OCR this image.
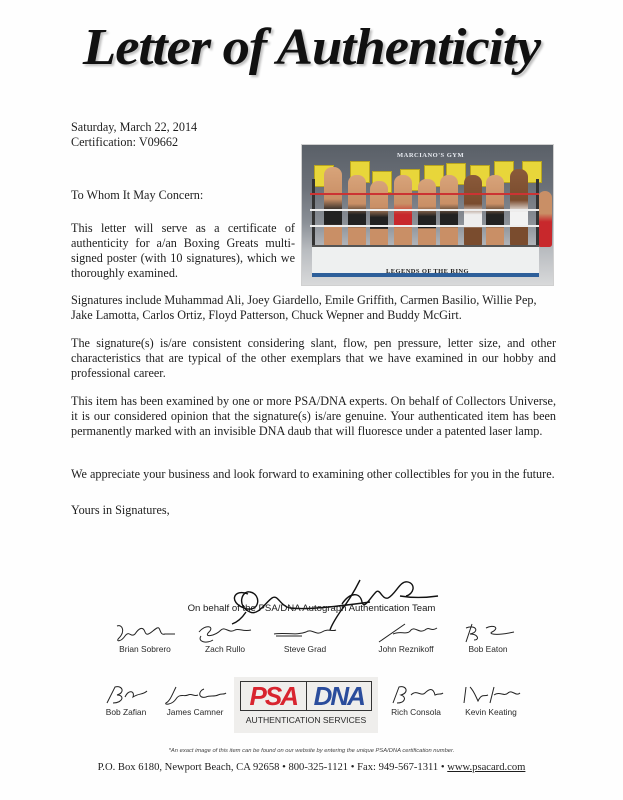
Letter of Authenticity
Saturday, March 22, 2014
Certification: V09662
To Whom It May Concern:

This letter will serve as a certificate of authenticity for a/an Boxing Greats multi-signed poster (with 10 signatures), which we thoroughly examined.

MARCIANO'S GYM
LEGENDS OF THE RING

Signatures include Muhammad Ali, Joey Giardello, Emile Griffith, Carmen Basilio, Willie Pep, Jake Lamotta, Carlos Ortiz, Floyd Patterson, Chuck Wepner and Buddy McGirt.

The signature(s) is/are consistent considering slant, flow, pen pressure, letter size, and other characteristics that are typical of the other exemplars that we have examined in our hobby and professional career.

This item has been examined by one or more PSA/DNA experts. On behalf of Collectors Universe, it is our considered opinion that the signature(s) is/are genuine. Your authenticated item has been permanently marked with an invisible DNA daub that will fluoresce under a patented laser lamp.

We appreciate your business and look forward to examining other collectibles for you in the future.

Yours in Signatures,
On behalf of the PSA/DNA Autograph Authentication Team
Brian Sobrero	Zach Rullo	Steve Grad	John Reznikoff	Bob Eaton
Bob Zafian	James Camner
PSA DNA
AUTHENTICATION SERVICES
Rich Consola	Kevin Keating
*An exact image of this item can be found on our website by entering the unique PSA/DNA certification number.
P.O. Box 6180, Newport Beach, CA 92658 • 800-325-1121 • Fax: 949-567-1311 • www.psacard.com
